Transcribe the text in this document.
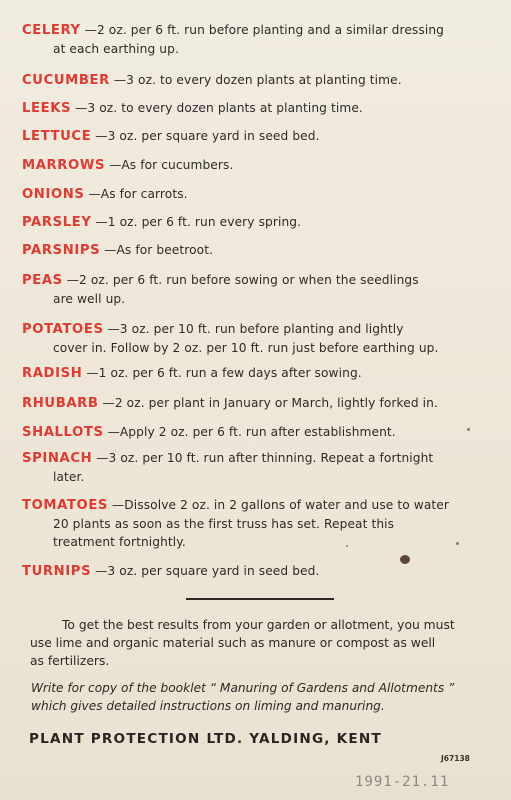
CELERY —2 oz. per 6 ft. run before planting and a similar dressing
at each earthing up.
CUCUMBER —3 oz. to every dozen plants at planting time.
LEEKS —3 oz. to every dozen plants at planting time.
LETTUCE —3 oz. per square yard in seed bed.
MARROWS —As for cucumbers.
ONIONS —As for carrots.
PARSLEY —1 oz. per 6 ft. run every spring.
PARSNIPS —As for beetroot.
PEAS —2 oz. per 6 ft. run before sowing or when the seedlings
are well up.
POTATOES —3 oz. per 10 ft. run before planting and lightly
cover in. Follow by 2 oz. per 10 ft. run just before earthing up.
RADISH —1 oz. per 6 ft. run a few days after sowing.
RHUBARB —2 oz. per plant in January or March, lightly forked in.
SHALLOTS —Apply 2 oz. per 6 ft. run after establishment.
SPINACH —3 oz. per 10 ft. run after thinning. Repeat a fortnight
later.
TOMATOES —Dissolve 2 oz. in 2 gallons of water and use to water
20 plants as soon as the first truss has set. Repeat this
treatment fortnightly.
TURNIPS —3 oz. per square yard in seed bed.
To get the best results from your garden or allotment, you must
use lime and organic material such as manure or compost as well
as fertilizers.
Write for copy of the booklet “ Manuring of Gardens and Allotments ”
which gives detailed instructions on liming and manuring.
PLANT PROTECTION LTD. YALDING, KENT
J67138
1991-21.11
